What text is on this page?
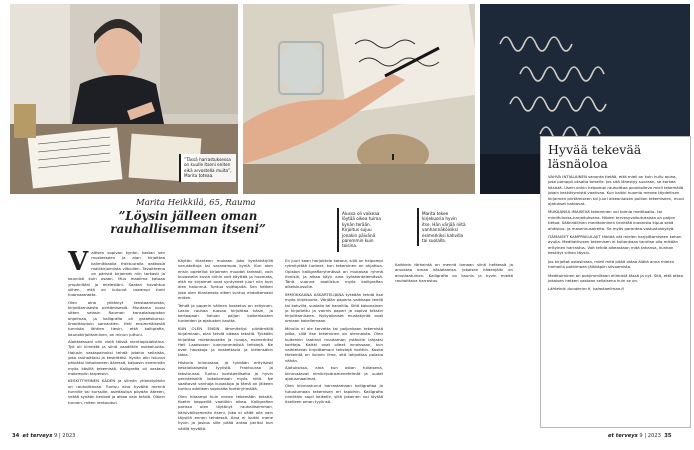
”Tässä harrastuksessa on kuulle itseni eniten eikä arvostella muita”, Marita toteaa.
Alussa oli vaikeaa löytää oikea tuima kynän terään. Kirjoitus sujuu jonakin päivänä paremmin kuin toisina.
Marita tekee kirjekuoria hyvin itse. Hän värjää niitä vanhannäköisiksi esimerkiksi kahvilla tai suolalla.
Marita Heikkilä, 65, Rauma
”Löysin jälleen oman rauhallisemman itseni”
V altisen sopivan kynän, kastan sen musteeseen ja alan kirjoittaa kalimikkaalla fraktuuralla aakkosia mallikirjaimista vilkuillen. Tavoitteena on päristä kirjaimet niin tarkasti ja kauniisti kuin osaan. Muu maailma katoaa ympäriltäni ja mielestäni. Saatan havahtua siihen, että on kulunut useampi tunti huomaamatta.

Olen aina ykkäinyt tekstaamisesta, kirjoittamisesta piirtämisestä. Muutama vuosi sitten selasin Rauman kansalaisopiston ohjelmaa, ja kalligrafia oli graafiskurssi. Ilmoittauduin samantien. Heti ensimmäisestä tunnista lähtien tiesin, että kalligrafia, kaunokirjoittaminen, on minun juttuni.

Aloittaessani olin vielä töissä vientiopisialistina. Työ oli kiireistä ja siinä vaadittiin nokkeluutta. Halusin vastapainoksi tehdä jotakin sellaista, joka rauhoittaisi ja keskittäisi. Kynän olin istunut päiväksi tietokoneen ääressä, kalpasin enemmän myös käsillä tekemistä. Kalligrafia oli vastaus molempiin tarpeisiin.

KESKITTYMINEN KÄDEN ja silmän yhteistyöhön on rauhoittavaa. Tuntuu aina hyvältä mennä tunnille tai kurssille, asettautua pöydän ääreen, vetää syvään henkeä ja alkaa vain tehdä. Olkein tunnen, miten rentoudun.

Käytän tilanteen mukaan joko kynänkärjillä varustettuja tai varavampia kyniä. Kun olen ensin opetellut kirjaimen muodot tarkasti, voin kuvastella kuvia niihin voit käyttää ja huomata, että ne kirjaimet ovat syntyneet juuri niin kuin olen halunnut. Tuntuu voittajalta. Sen hetken joka olen tilanteesta eläen tuntuu ehdottomasti eniten.

Tehdä ja paperin välinen kosketus on erityinen. Lasiin rauhaa tuovaa kirjoittaa käsin, ja kertaajaan haluan paljon kaikenlaisten tunteiden ja ajatusten kautta.

KUN OLEN ENSIN lämmitellyt piirtämällä kirjaimiaan, alan tehdä oikeaa tekstiä. Tykkään kirjoittaa mietelauseita ja runoja, esimerkiksi Heli Laaksosen luonnonmielisiä tekstejä. Ne ovat hauskoja ja koskettavia ja kielensäkin takia.

Historia kiinnostaa, ja tykkään erityisesti keskiaikaisesta tyylistä. Fraktuuraa ja tekstuuraa. Tuntuu koristeelliselta ja hyvin perinteisellä kokeilemaan myös niitä. Ne saattavat vanhoja kuvastoja ja tämä on jälkeen tuntuu edelleen sopivalta fonttiryhmältä.

Olen hitaampi kuin ennen tekemään tekstiä. Koetin keppeillä vaatiikin aikaa. Kalligrafian parissa olen löytänyt rauhallisemman, kärsivällisemmän itseni, joka ei vältä olla vain täysillä ennen tehdessä. Aina ei kaikki mene hyvin ja joskus sille pitää antaa periksi kun välillä hyvältä.

En juuri kaan harjoittele kotona, sillä on helpompi rytmityttää tunteet, kun tekeminen on ohjattua. Opiston kalligrafiaryhmässä on mukavaa ryhmä ihmisiä, ja aikaa käyn aina työskentelemässä. Tänä vuonna osallistun myös kalligrafian alkeiskurssille.

IMMOKKAANA ASKARTELIJANA tykkään tehdä itse myös kirjekuoria. Värjään paperia vaikkapa teellä tai kahvilla, suolalla tai kanelilla. Siitä kokonainen jo kirjoitettu ja valmis paperi ja sopiva tekstin kirjoittamiseen. Nykyaikaiset mustekynät ovat omiaan kokeilemaan.

Minulla ei ole tarvetta tai paljonkaan tekemistä jotka, sillä itse tekeminen on olennaista. Olen kuitenkin laatinut muutaman ystäville lahjaksi kortteja. Kaikki ovat olleet innoissaan, kun vaihtelevat kirjoittamani tekstejä korttiin. Koska tärkeintä on iloinen ilme, sitä lahjoittaa palasia vähän.

Ajatuksissa, aina kun ostan tuliaisena, kiinnostavat nimikirjoitusmenetelmät ja uudet ajatusmaailmat.

Olen kiinnostunut harrastamaan kalligrafiaa ja tutustumaan tekemisen eri tapoihin. Kalligrafia nimittäin sopii kaikelle, sillä jokainen voi löytää itselleen oman tyylinsä.

Kaikkein tärkeintä on mennä lomaan siinä hetkessä ja arvostaa omaa käsialaansa. Jokaisen kädenjälki on ainutlaatuinen. Kalligrafia on kaunis ja hyvin mieltä rauhoittava harrastus.

Hyvää tekevää läsnäoloa

VAHVA INTIALAINEN sanonta tietää, että mieli on kuin hullu apina, joka pomppii oksalta toiselle. Jos sitä lähestyy suoraan, se karkaa käsistä. Usein onkin helpompi rauhoittaa poukkoileva mieli tekemällä jotain keskittymistä vaativaa. Kun kaikki huomio menee täydellisen kirjaimen piirtämiseen tai juuri oikeanlaisen pollion tekemiseen, muut ajatukset katoavat.

MUKAANSA IMAISEVA tekeminen voi toimia meditaatio- tai mindfulness-harjoituksena. Niiden tervesyvaikutuksista on paljon tietoa. Säännöllinen meditoiminen lievittää kroonista kipua sekä ahdistus- ja masennusoireita. Se myös parantaa vastustuskykyä.

ITÄMAISET KAMPPAILULAJIT tähtää vät mielen harjoittamiseen kehon avulla. Meditatiivisen tekemisen ei kuitenkaan tarvitse olla mikään erityinen harrastus. Voit tehdä oikeastaan mitä tahansa, kunhan keskityt siihen täysin.

Jos kirjoitat ostoslistaa, mieti mitä pitää ostaa äläkä anna mielen harhailla pohtimaan jälkkäpiin silvoamista.

Meditoiminen on pohjimmiltaan ellimistä tässä ja nyt. Sitä, että ottaa jokaisen hetken vastaan sellaisena kuin se on.

Lähteinä: duodecim.fi, kalastaelimaa.fi

34 et terveys 9 | 2023	et terveys 9 | 2023 35
